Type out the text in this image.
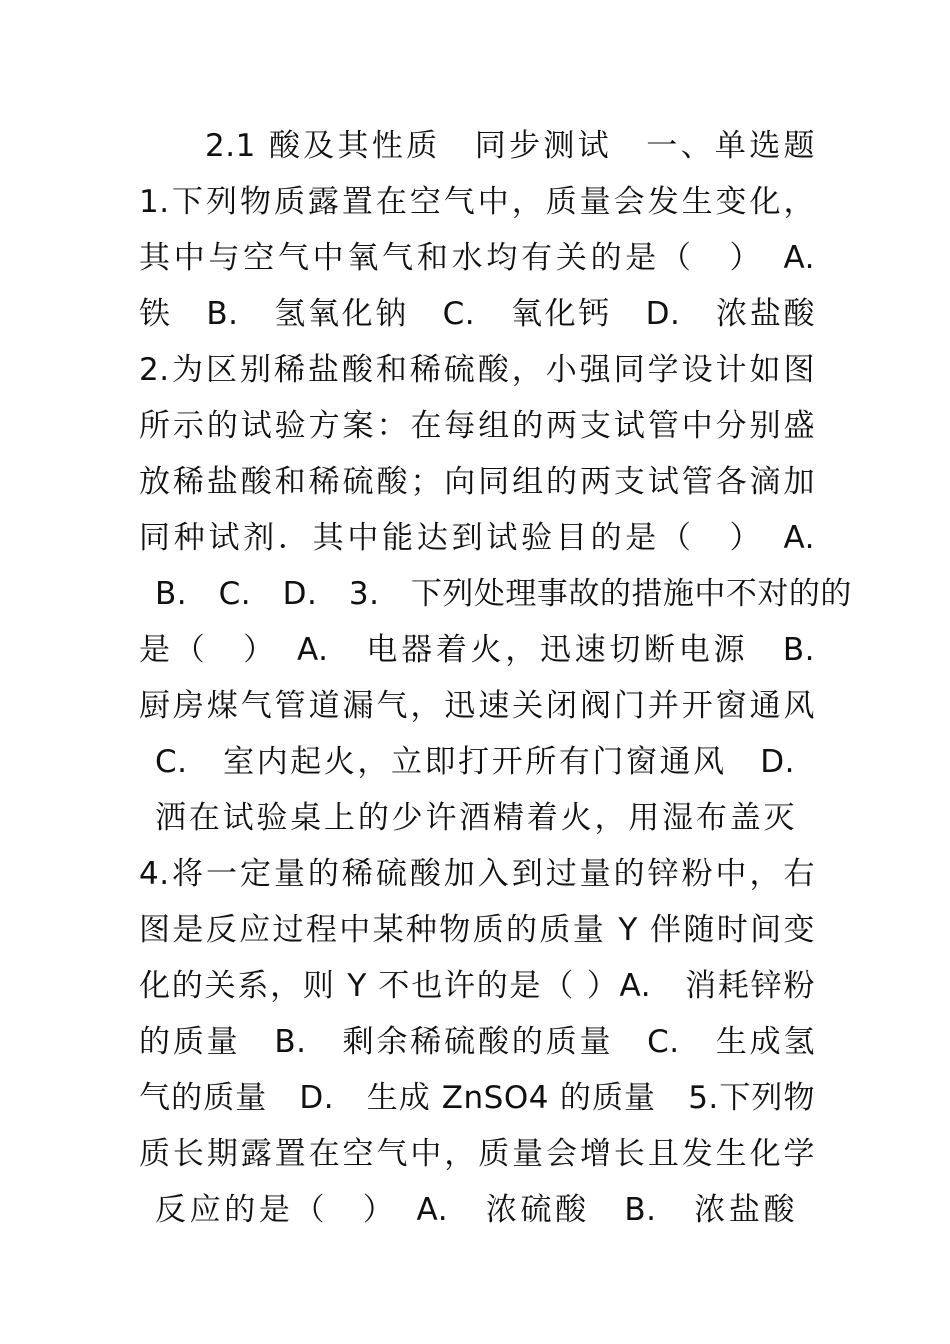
2.1 酸及其性质　同步测试　一、单选题
1.下列物质露置在空气中，质量会发生变化，
其中与空气中氧气和水均有关的是（　）　A.
铁　B.　氢氧化钠　C.　氧化钙　D.　浓盐酸
2.为区别稀盐酸和稀硫酸，小强同学设计如图
所示的试验方案：在每组的两支试管中分别盛
放稀盐酸和稀硫酸；向同组的两支试管各滴加
同种试剂．其中能达到试验目的是（　）　A.
B.　C.　D.　3.　下列处理事故的措施中不对的的
是（　）　A.　电器着火，迅速切断电源　B.
厨房煤气管道漏气，迅速关闭阀门并开窗通风
C.　室内起火，立即打开所有门窗通风　D.
洒在试验桌上的少许酒精着火，用湿布盖灭
4.将一定量的稀硫酸加入到过量的锌粉中，右
图是反应过程中某种物质的质量 Y 伴随时间变
化的关系，则 Y 不也许的是（ ）A.　消耗锌粉
的质量　B.　剩余稀硫酸的质量　C.　生成氢
气的质量　D.　生成 ZnSO4 的质量　5.下列物
质长期露置在空气中，质量会增长且发生化学
反应的是（　）　A.　浓硫酸　B.　浓盐酸
